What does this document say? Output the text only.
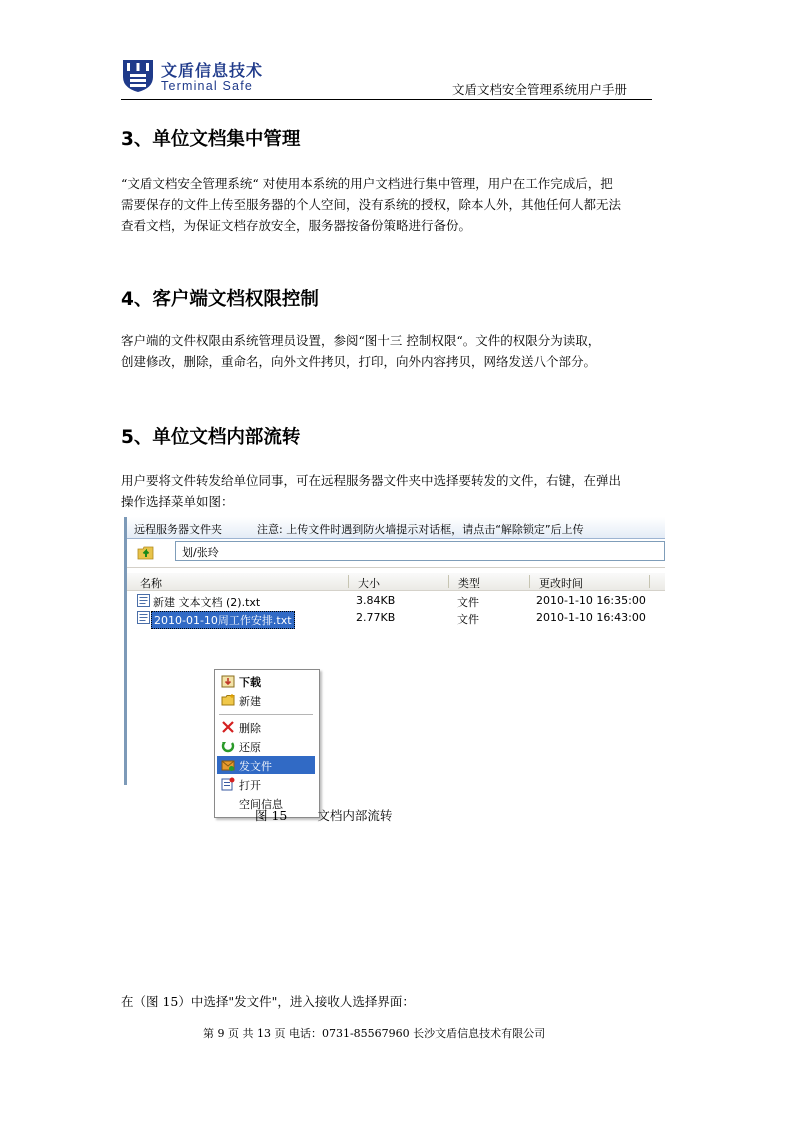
文盾信息技术
Terminal Safe	文盾文档安全管理系统用户手册
3、单位文档集中管理
“文盾文档安全管理系统“ 对使用本系统的用户文档进行集中管理，用户在工作完成后，把
需要保存的文件上传至服务器的个人空间，没有系统的授权，除本人外，其他任何人都无法
查看文档，为保证文档存放安全，服务器按备份策略进行备份。
4、客户端文档权限控制
客户端的文件权限由系统管理员设置，参阅“图十三 控制权限“。文件的权限分为读取，
创建修改，删除，重命名，向外文件拷贝，打印，向外内容拷贝，网络发送八个部分。
5、单位文档内部流转
用户要将文件转发给单位同事，可在远程服务器文件夹中选择要转发的文件，右键，在弹出
操作选择菜单如图：
远程服务器文件夹	注意: 上传文件时遇到防火墙提示对话框，请点击“解除锁定”后上传
划/张玲
名称	大小	类型	更改时间
新建 文本文档 (2).txt	3.84KB	文件	2010-1-10 16:35:00
2010-01-10周工作安排.txt	2.77KB	文件	2010-1-10 16:43:00
下载
新建
删除
还原
发文件
打开
空间信息
图 15 文档内部流转
在（图 15）中选择"发文件"，进入接收人选择界面：
第 9 页 共 13 页 电话：0731-85567960 长沙文盾信息技术有限公司
